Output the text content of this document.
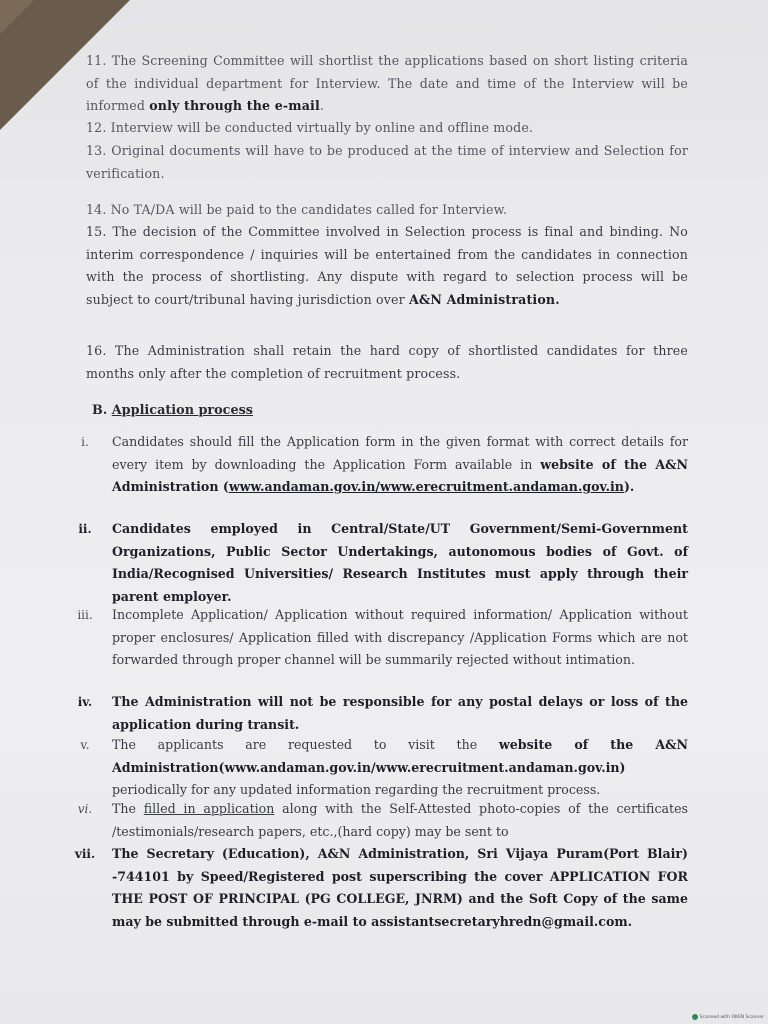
11. The Screening Committee will shortlist the applications based on short listing criteria of the individual department for Interview. The date and time of the Interview will be informed only through the e-mail.
12. Interview will be conducted virtually by online and offline mode.
13. Original documents will have to be produced at the time of interview and Selection for verification.
14. No TA/DA will be paid to the candidates called for Interview.
15. The decision of the Committee involved in Selection process is final and binding. No interim correspondence / inquiries will be entertained from the candidates in connection with the process of shortlisting. Any dispute with regard to selection process will be subject to court/tribunal having jurisdiction over A&N Administration.
16. The Administration shall retain the hard copy of shortlisted candidates for three months only after the completion of recruitment process.
B. Application process
i.	Candidates should fill the Application form in the given format with correct details for every item by downloading the Application Form available in website of the A&N Administration (www.andaman.gov.in/www.erecruitment.andaman.gov.in).
ii.	Candidates employed in Central/State/UT Government/Semi-Government Organizations, Public Sector Undertakings, autonomous bodies of Govt. of India/Recognised Universities/ Research Institutes must apply through their parent employer.
iii.	Incomplete Application/ Application without required information/ Application without proper enclosures/ Application filled with discrepancy /Application Forms which are not forwarded through proper channel will be summarily rejected without intimation.
iv.	The Administration will not be responsible for any postal delays or loss of the application during transit.
v.	The applicants are requested to visit the website of the A&N Administration(www.andaman.gov.in/www.erecruitment.andaman.gov.in) periodically for any updated information regarding the recruitment process.
vi.	The filled in application along with the Self-Attested photo-copies of the certificates /testimonials/research papers, etc.,(hard copy) may be sent to
vii.	The Secretary (Education), A&N Administration, Sri Vijaya Puram(Port Blair) -744101 by Speed/Registered post superscribing the cover APPLICATION FOR THE POST OF PRINCIPAL (PG COLLEGE, JNRM) and the Soft Copy of the same may be submitted through e-mail to assistantsecretaryhredn@gmail.com.
Scanned with OKEN Scanner
